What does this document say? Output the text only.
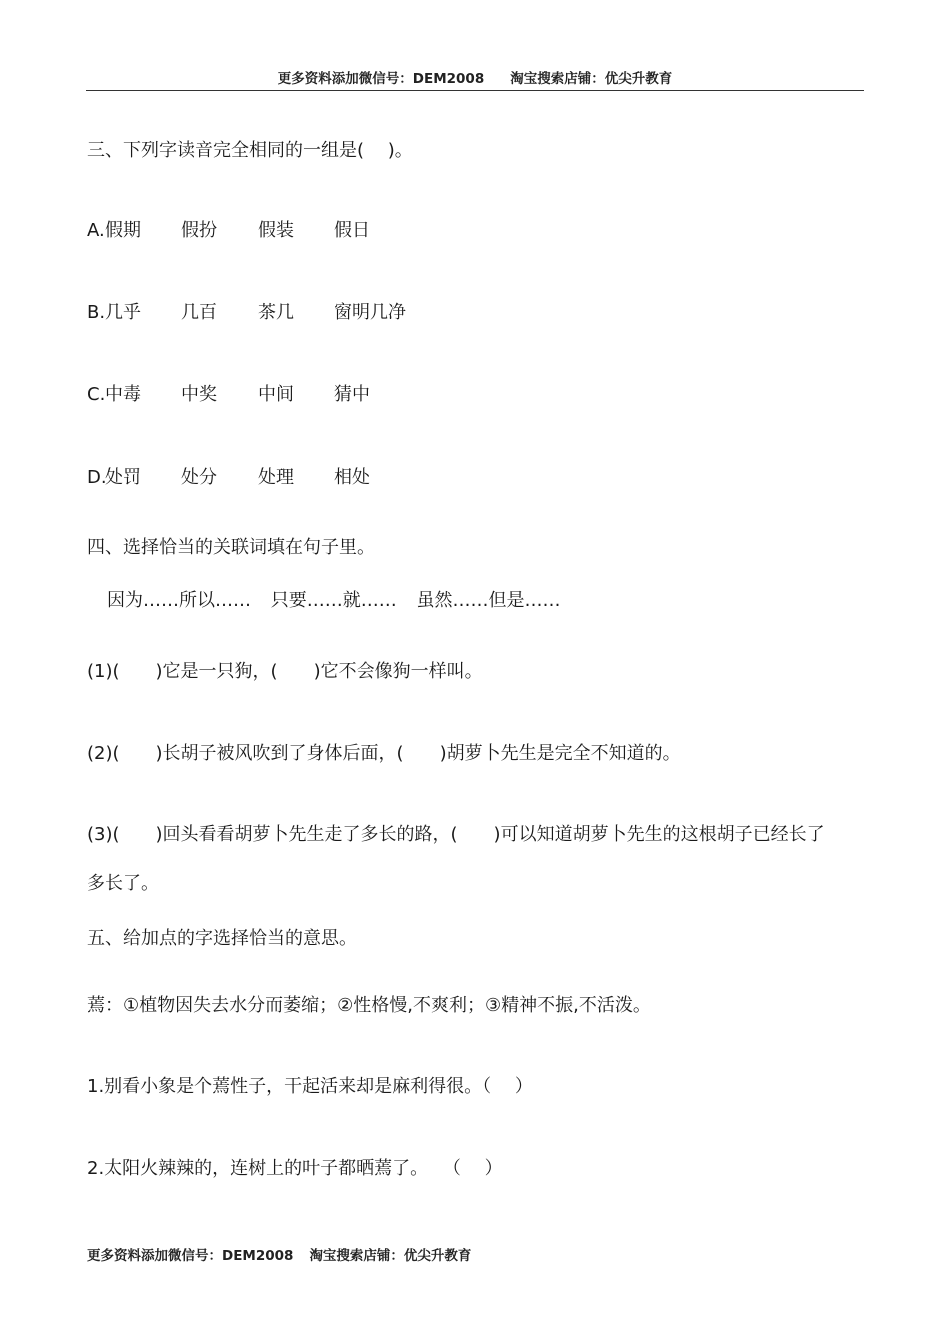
更多资料添加微信号：DEM2008 淘宝搜索店铺：优尖升教育
三、下列字读音完全相同的一组是(　 )。
A. 假期 假扮 假装 假日
B. 几乎 几百 茶几 窗明几净
C. 中毒 中奖 中间 猜中
D.
处罚 处分 处理 相处
四、选择恰当的关联词填在句子里。
因为……所以…… 只要……就…… 虽然……但是……
(1)(　　)它是一只狗，(　　)它不会像狗一样叫。
(2)(　　)长胡子被风吹到了身体后面，(　　)胡萝卜先生是完全不知道的。
(3)(　　)回头看看胡萝卜先生走了多长的路，(　　)可以知道胡萝卜先生的这根胡子已经长了
多长了。
五、给加点的字选择恰当的意思。
蔫：①植物因失去水分而萎缩；②性格慢,不爽利；③精神不振,不活泼。
1.别看小象是个蔫性子，干起活来却是麻利得很。（　 ）
2.太阳火辣辣的，连树上的叶子都晒蔫了。　 （　 ）
更多资料添加微信号：DEM2008 淘宝搜索店铺：优尖升教育
